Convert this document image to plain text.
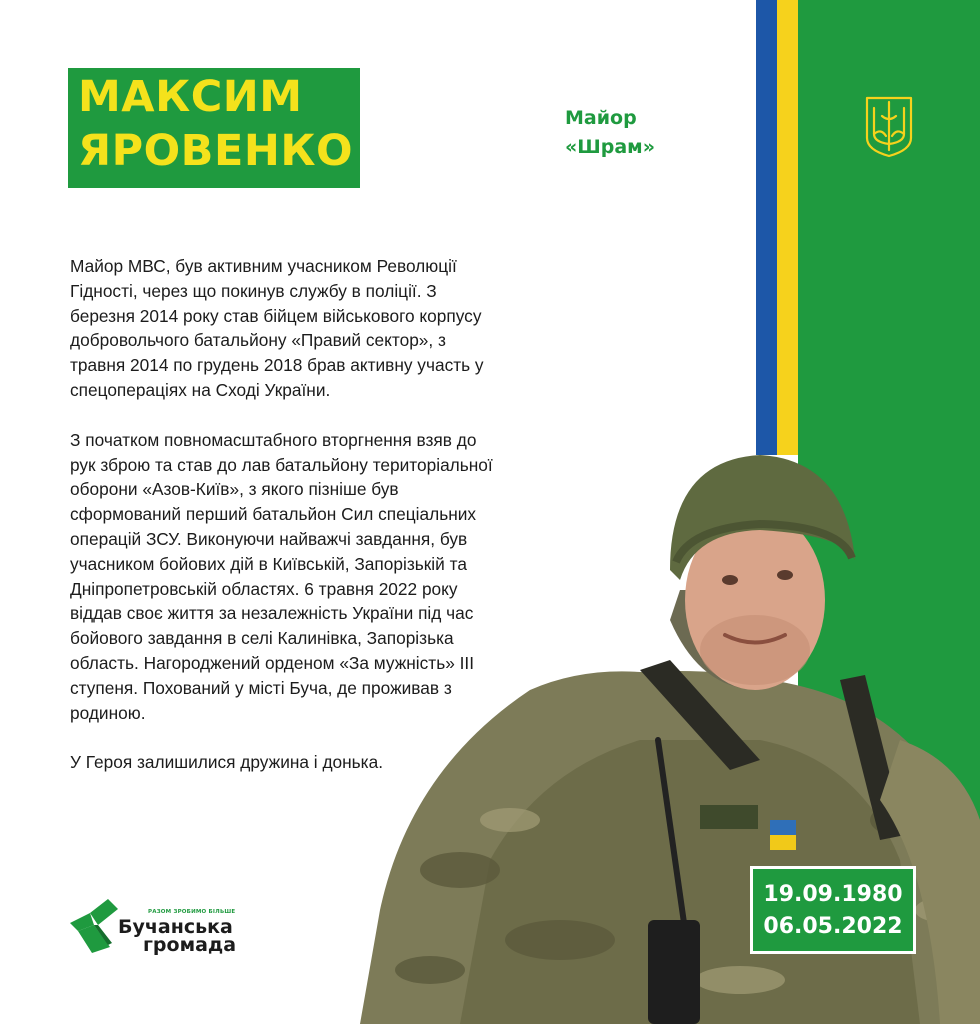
МАКСИМ
ЯРОВЕНКО
Майор
«Шрам»

Майор МВС, був активним учасником Революції Гідності, через що покинув службу в поліції. З березня 2014 року став бійцем військового корпусу добровольчого батальйону «Правий сектор», з травня 2014 по грудень 2018 брав активну участь у спецопераціях на Сході України.

З початком повномасштабного вторгнення взяв до рук зброю та став до лав батальйону територіальної оборони «Азов-Київ», з якого пізніше був сформований перший батальйон Сил спеціальних операцій ЗСУ. Виконуючи найважчі завдання, був учасником бойових дій в Київській, Запорізькій та Дніпропетровській областях. 6 травня 2022 року віддав своє життя за незалежність України під час бойового завдання в селі Калинівка, Запорізька область. Нагороджений орденом «За мужність» ІІІ ступеня. Похований у місті Буча, де проживав з родиною.

У Героя залишилися дружина і донька.

19.09.1980
06.05.2022
РАЗОМ ЗРОБИМО БІЛЬШЕ
Бучанська
громада
